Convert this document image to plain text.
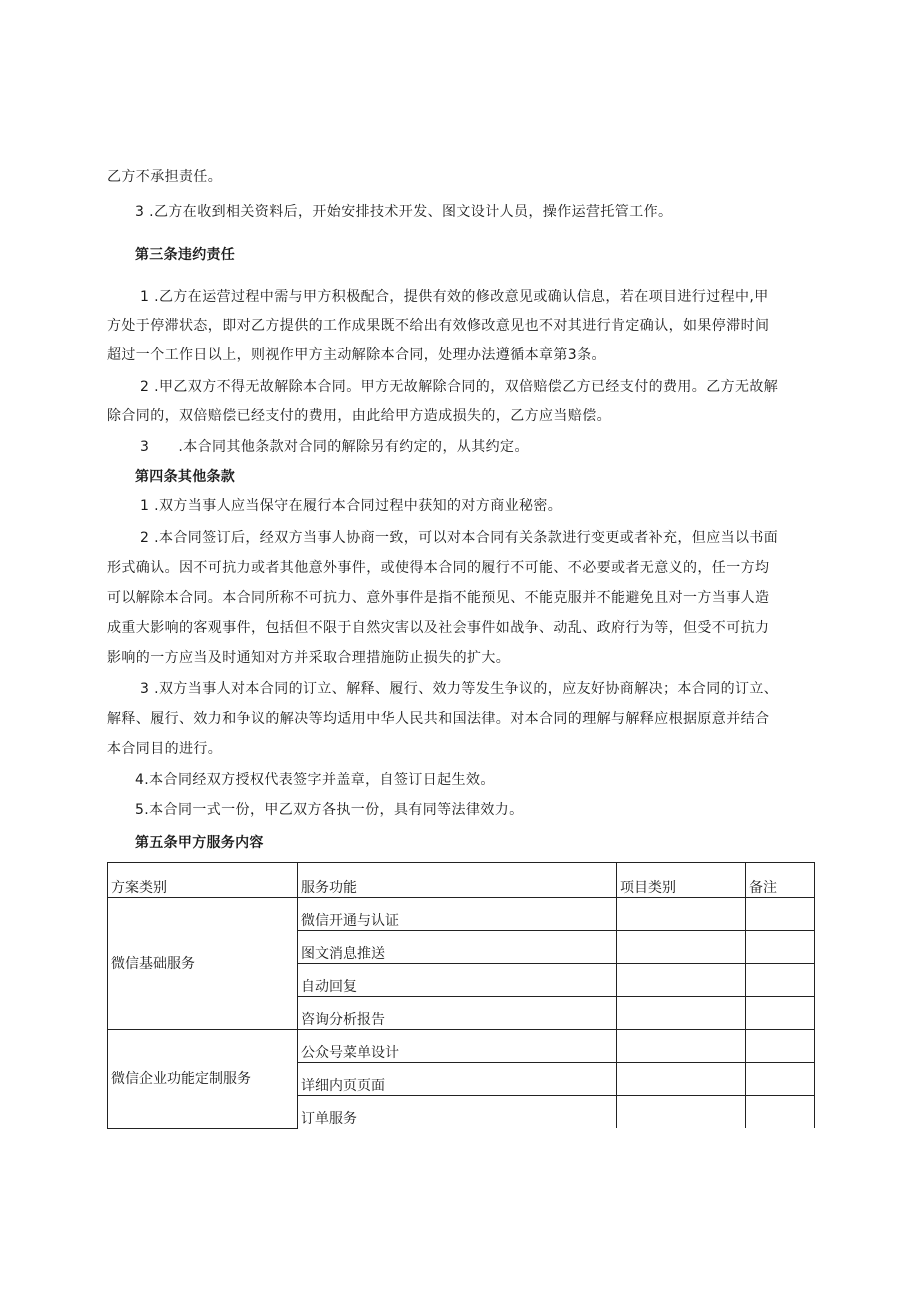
乙方不承担责任。
3 .乙方在收到相关资料后，开始安排技术开发、图文设计人员，操作运营托管工作。
第三条违约责任
1 .乙方在运营过程中需与甲方积极配合，提供有效的修改意见或确认信息，若在项目进行过程中,甲
方处于停滞状态，即对乙方提供的工作成果既不给出有效修改意见也不对其进行肯定确认，如果停滞时间
超过一个工作日以上，则视作甲方主动解除本合同，处理办法遵循本章第3条。
2 .甲乙双方不得无故解除本合同。甲方无故解除合同的，双倍赔偿乙方已经支付的费用。乙方无故解
除合同的，双倍赔偿已经支付的费用，由此给甲方造成损失的，乙方应当赔偿。
3      .本合同其他条款对合同的解除另有约定的，从其约定。
第四条其他条款
1 .双方当事人应当保守在履行本合同过程中获知的对方商业秘密。
2 .本合同签订后，经双方当事人协商一致，可以对本合同有关条款进行变更或者补充，但应当以书面
形式确认。因不可抗力或者其他意外事件，或使得本合同的履行不可能、不必要或者无意义的，任一方均
可以解除本合同。本合同所称不可抗力、意外事件是指不能预见、不能克服并不能避免且对一方当事人造
成重大影响的客观事件，包括但不限于自然灾害以及社会事件如战争、动乱、政府行为等，但受不可抗力
影响的一方应当及时通知对方并采取合理措施防止损失的扩大。
3 .双方当事人对本合同的订立、解释、履行、效力等发生争议的，应友好协商解决；本合同的订立、
解释、履行、效力和争议的解决等均适用中华人民共和国法律。对本合同的理解与解释应根据原意并结合
本合同目的进行。
4.本合同经双方授权代表签字并盖章，自签订日起生效。
5.本合同一式一份，甲乙双方各执一份，具有同等法律效力。
第五条甲方服务内容
方案类别	服务功能	项目类别	备注
微信基础服务	微信开通与认证		
	图文消息推送		
	自动回复		
	咨询分析报告		
微信企业功能定制服务	公众号菜单设计		
	详细内页页面		
	订单服务		
